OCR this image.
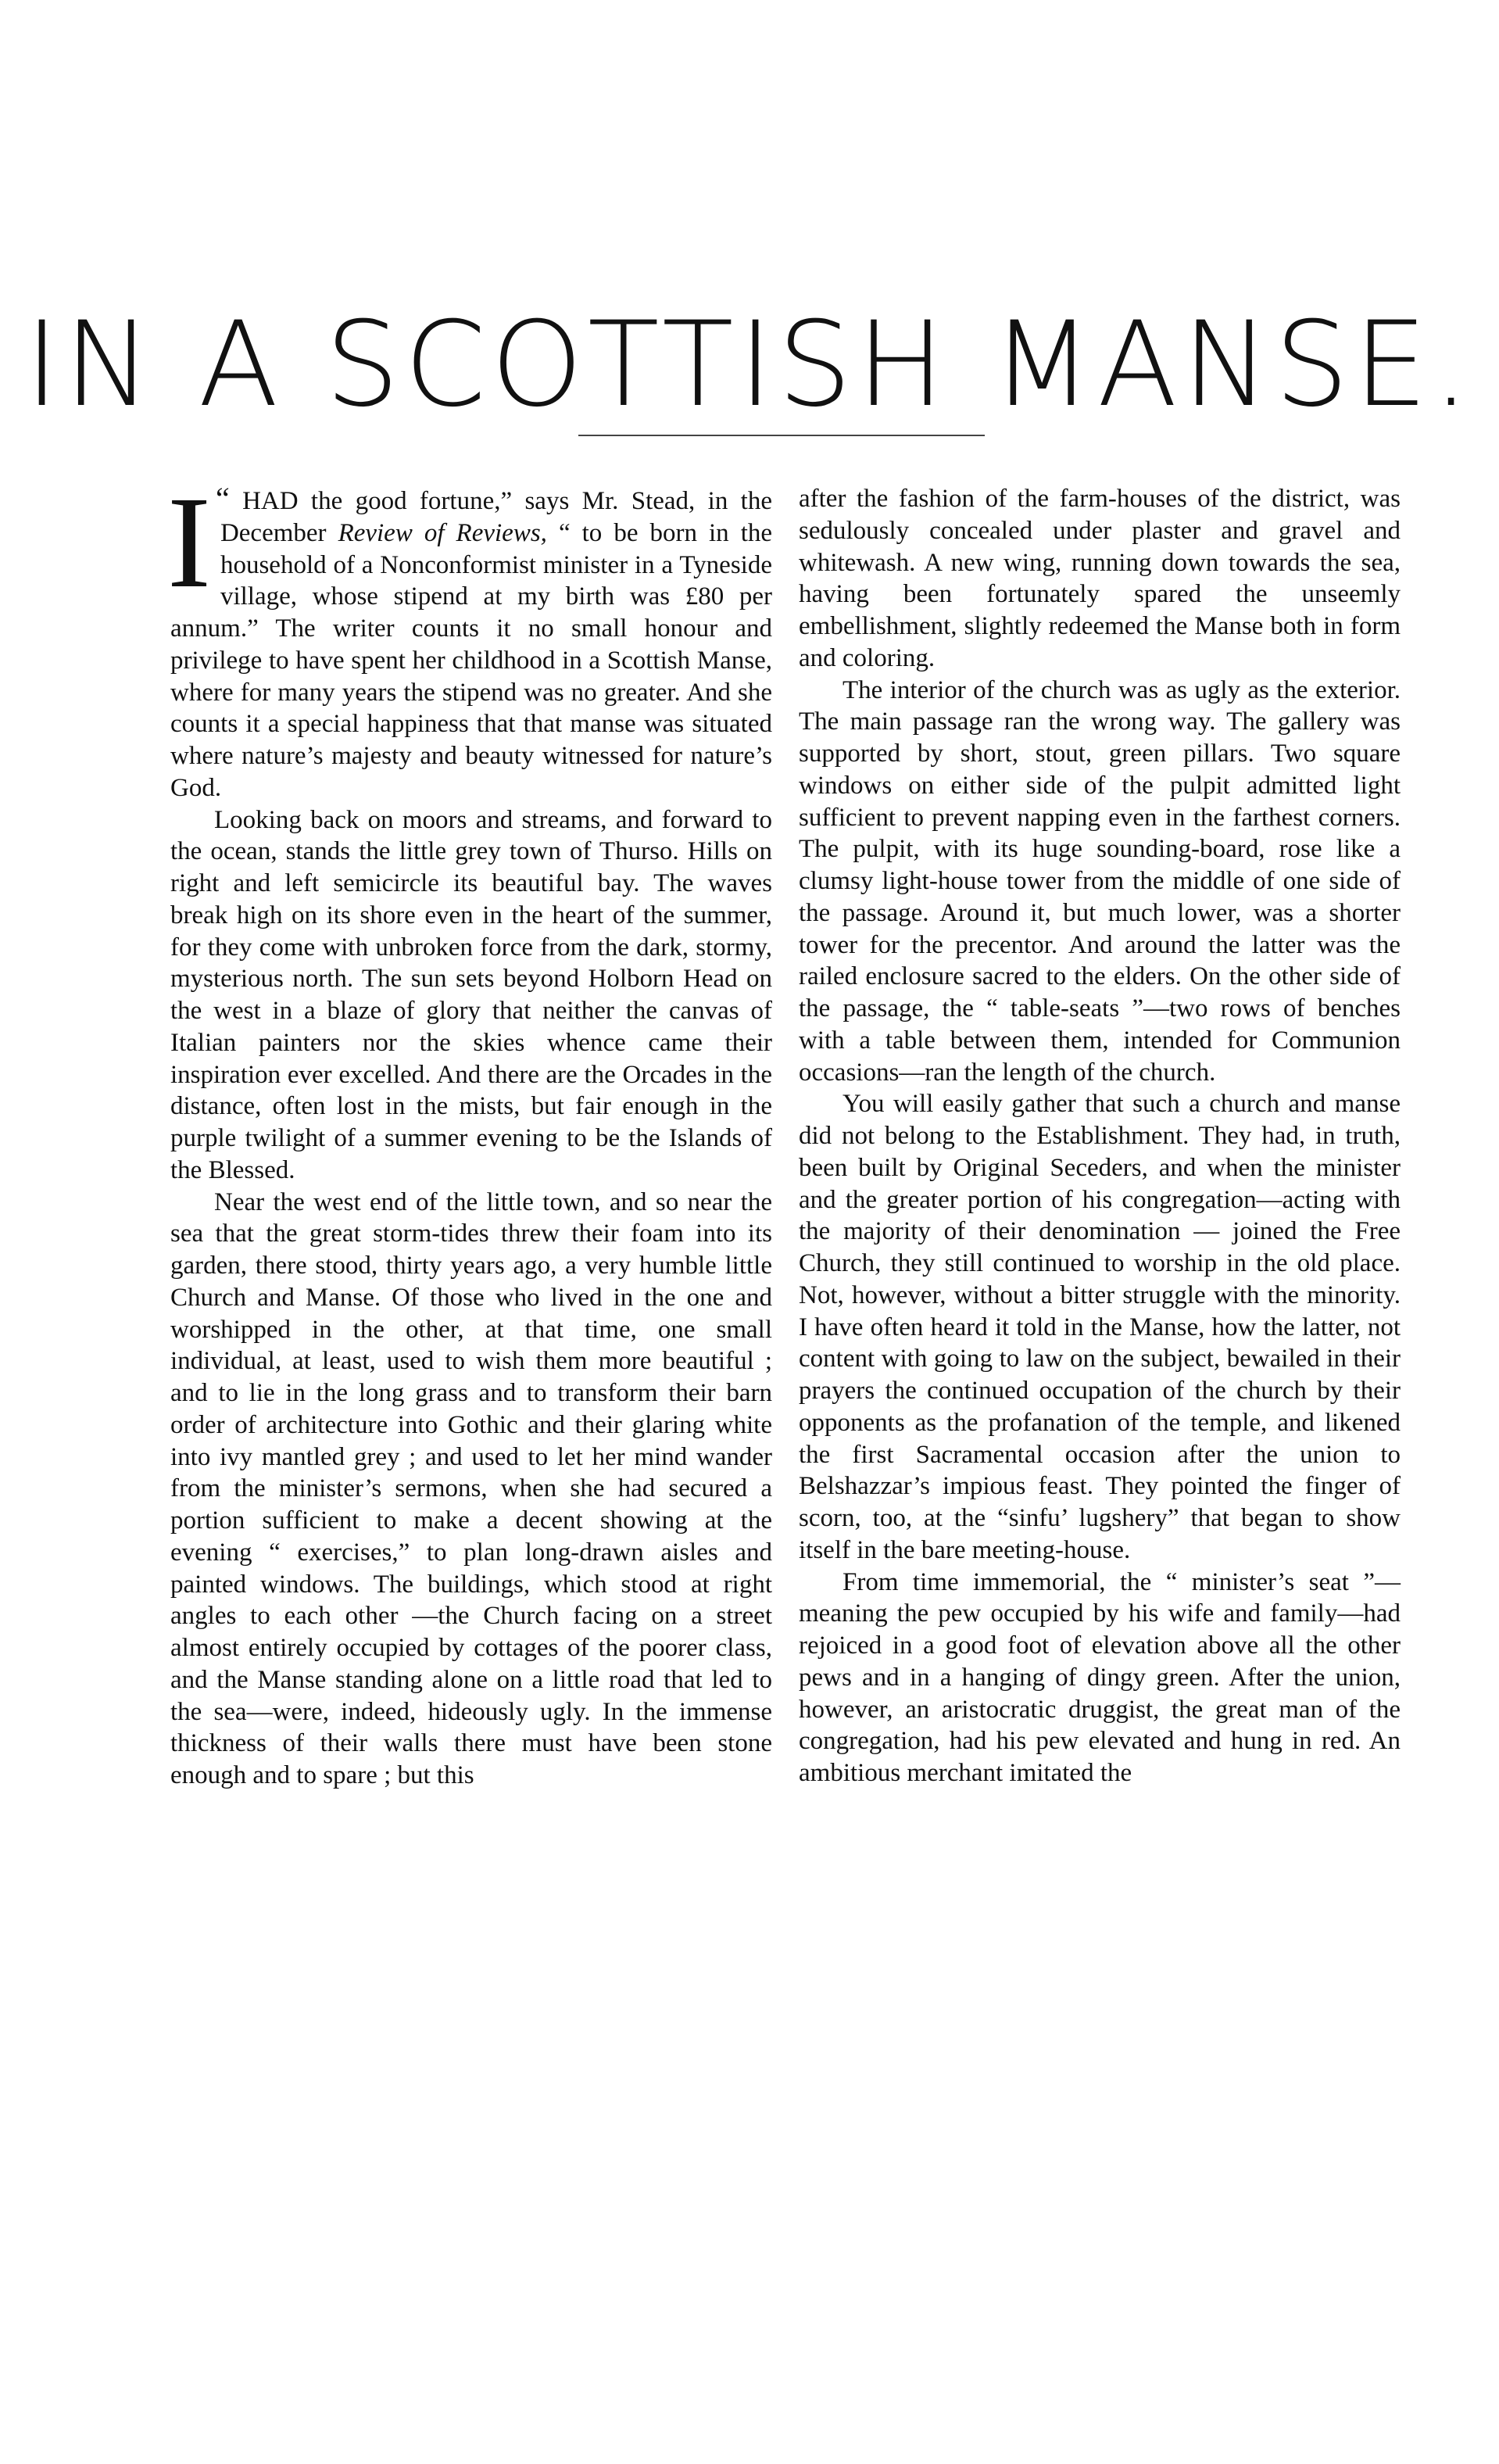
IN A SCOTTISH MANSE.

I “ HAD the good fortune,” says Mr. Stead, in the December Review of Reviews, “ to be born in the household of a Nonconformist minister in a Tyneside village, whose stipend at my birth was £80 per annum.” The writer counts it no small honour and privilege to have spent her childhood in a Scottish Manse, where for many years the stipend was no greater. And she counts it a special happiness that that manse was situated where nature’s majesty and beauty witnessed for nature’s God.

Looking back on moors and streams, and forward to the ocean, stands the little grey town of Thurso. Hills on right and left semicircle its beautiful bay. The waves break high on its shore even in the heart of the summer, for they come with unbroken force from the dark, stormy, mysterious north. The sun sets beyond Holborn Head on the west in a blaze of glory that neither the canvas of Italian painters nor the skies whence came their inspiration ever excelled. And there are the Orcades in the distance, often lost in the mists, but fair enough in the purple twilight of a summer evening to be the Islands of the Blessed.

Near the west end of the little town, and so near the sea that the great storm-tides threw their foam into its garden, there stood, thirty years ago, a very humble little Church and Manse. Of those who lived in the one and worshipped in the other, at that time, one small individual, at least, used to wish them more beautiful ; and to lie in the long grass and to transform their barn order of architecture into Gothic and their glaring white into ivy mantled grey ; and used to let her mind wander from the minister’s sermons, when she had secured a portion sufficient to make a decent showing at the evening “ exercises,” to plan long-drawn aisles and painted windows. The buildings, which stood at right angles to each other —the Church facing on a street almost entirely occupied by cottages of the poorer class, and the Manse standing alone on a little road that led to the sea—were, indeed, hideously ugly. In the immense thickness of their walls there must have been stone enough and to spare ; but this

after the fashion of the farm-houses of the district, was sedulously concealed under plaster and gravel and whitewash. A new wing, running down towards the sea, having been fortunately spared the unseemly embellishment, slightly redeemed the Manse both in form and coloring.

The interior of the church was as ugly as the exterior. The main passage ran the wrong way. The gallery was supported by short, stout, green pillars. Two square windows on either side of the pulpit admitted light sufficient to prevent napping even in the farthest corners. The pulpit, with its huge sounding-board, rose like a clumsy light-house tower from the middle of one side of the passage. Around it, but much lower, was a shorter tower for the precentor. And around the latter was the railed enclosure sacred to the elders. On the other side of the passage, the “ table-seats ”—two rows of benches with a table between them, intended for Communion occasions—ran the length of the church.

You will easily gather that such a church and manse did not belong to the Establishment. They had, in truth, been built by Original Seceders, and when the minister and the greater portion of his congregation—acting with the majority of their denomination — joined the Free Church, they still continued to worship in the old place. Not, however, without a bitter struggle with the minority. I have often heard it told in the Manse, how the latter, not content with going to law on the subject, bewailed in their prayers the continued occupation of the church by their opponents as the profanation of the temple, and likened the first Sacramental occasion after the union to Belshazzar’s impious feast. They pointed the finger of scorn, too, at the “sinfu’ lugshery” that began to show itself in the bare meeting-house.

From time immemorial, the “ minister’s seat ”—meaning the pew occupied by his wife and family—had rejoiced in a good foot of elevation above all the other pews and in a hanging of dingy green. After the union, however, an aristocratic druggist, the great man of the congregation, had his pew elevated and hung in red. An ambitious merchant imitated the
